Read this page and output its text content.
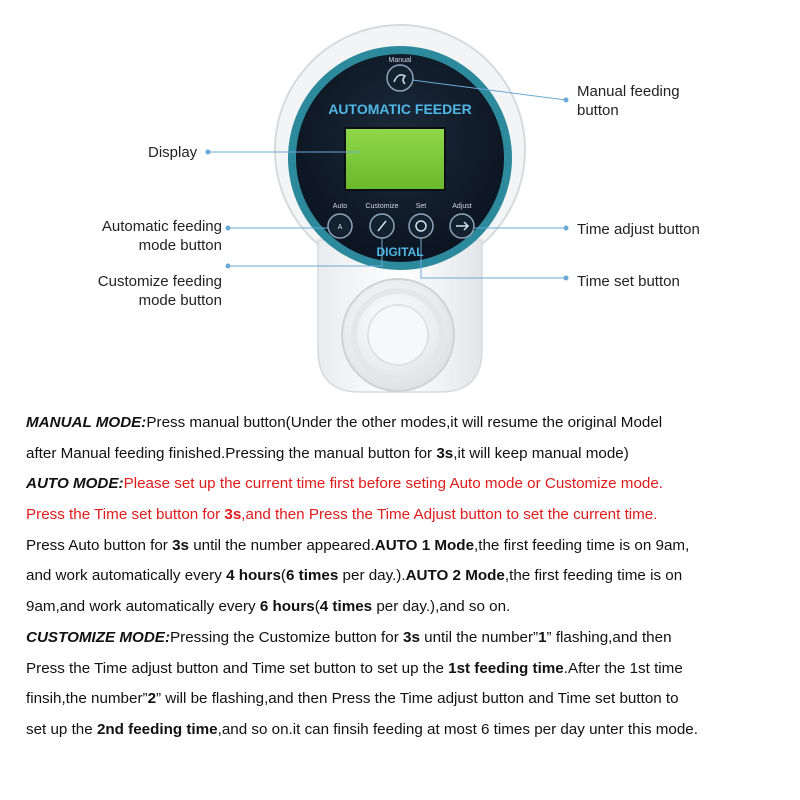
Manual
AUTOMATIC FEEDER
Auto	Customize Set	Adjust
A
DIGITAL
Manual feeding
button
Display
Automatic feeding
mode button
Customize feeding
mode button
Time adjust button
Time set button
MANUAL MODE:Press manual button(Under the other modes,it will resume the original Model
after Manual feeding finished.Pressing the manual button for 3s,it will keep manual mode)
AUTO MODE:Please set up the current time first before seting Auto mode or Customize mode.
Press the Time set button for 3s,and then Press the Time Adjust button to set the current time.
Press Auto button for 3s until the number appeared.AUTO 1 Mode,the first feeding time is on 9am,
and work automatically every 4 hours(6 times per day.).AUTO 2 Mode,the first feeding time is on
9am,and work automatically every 6 hours(4 times per day.),and so on.
CUSTOMIZE MODE:Pressing the Customize button for 3s until the number”1” flashing,and then
Press the Time adjust button and Time set button to set up the 1st feeding time.After the 1st time
finsih,the number”2” will be flashing,and then Press the Time adjust button and Time set button to
set up the 2nd feeding time,and so on.it can finsih feeding at most 6 times per day unter this mode.
